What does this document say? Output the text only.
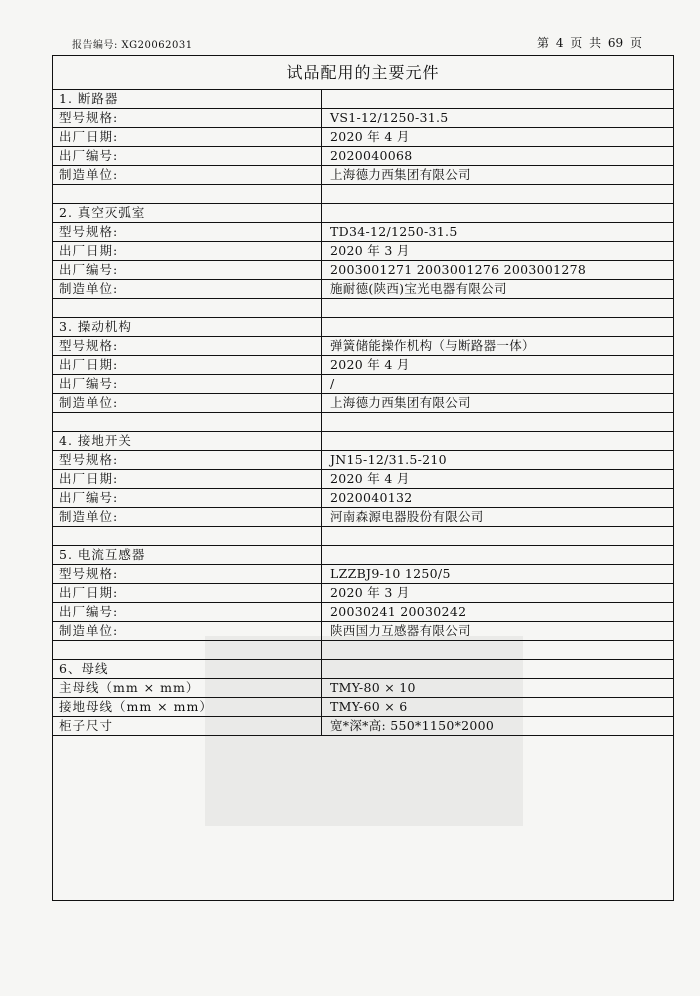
报告编号: XG20062031	第 4 页 共 69 页
试品配用的主要元件
1. 断路器	
型号规格:	VS1-12/1250-31.5
出厂日期:	2020 年 4 月
出厂编号:	2020040068
制造单位:	上海德力西集团有限公司

2. 真空灭弧室	
型号规格:	TD34-12/1250-31.5
出厂日期:	2020 年 3 月
出厂编号:	2003001271 2003001276 2003001278
制造单位:	施耐德(陕西)宝光电器有限公司

3. 操动机构	
型号规格:	弹簧储能操作机构（与断路器一体）
出厂日期:	2020 年 4 月
出厂编号:	/
制造单位:	上海德力西集团有限公司

4. 接地开关	
型号规格:	JN15-12/31.5-210
出厂日期:	2020 年 4 月
出厂编号:	2020040132
制造单位:	河南森源电器股份有限公司

5. 电流互感器	
型号规格:	LZZBJ9-10 1250/5
出厂日期:	2020 年 3 月
出厂编号:	20030241 20030242
制造单位:	陕西国力互感器有限公司

6、母线	
主母线（mm × mm）	TMY-80 × 10
接地母线（mm × mm）	TMY-60 × 6
柜子尺寸	宽*深*高: 550*1150*2000
